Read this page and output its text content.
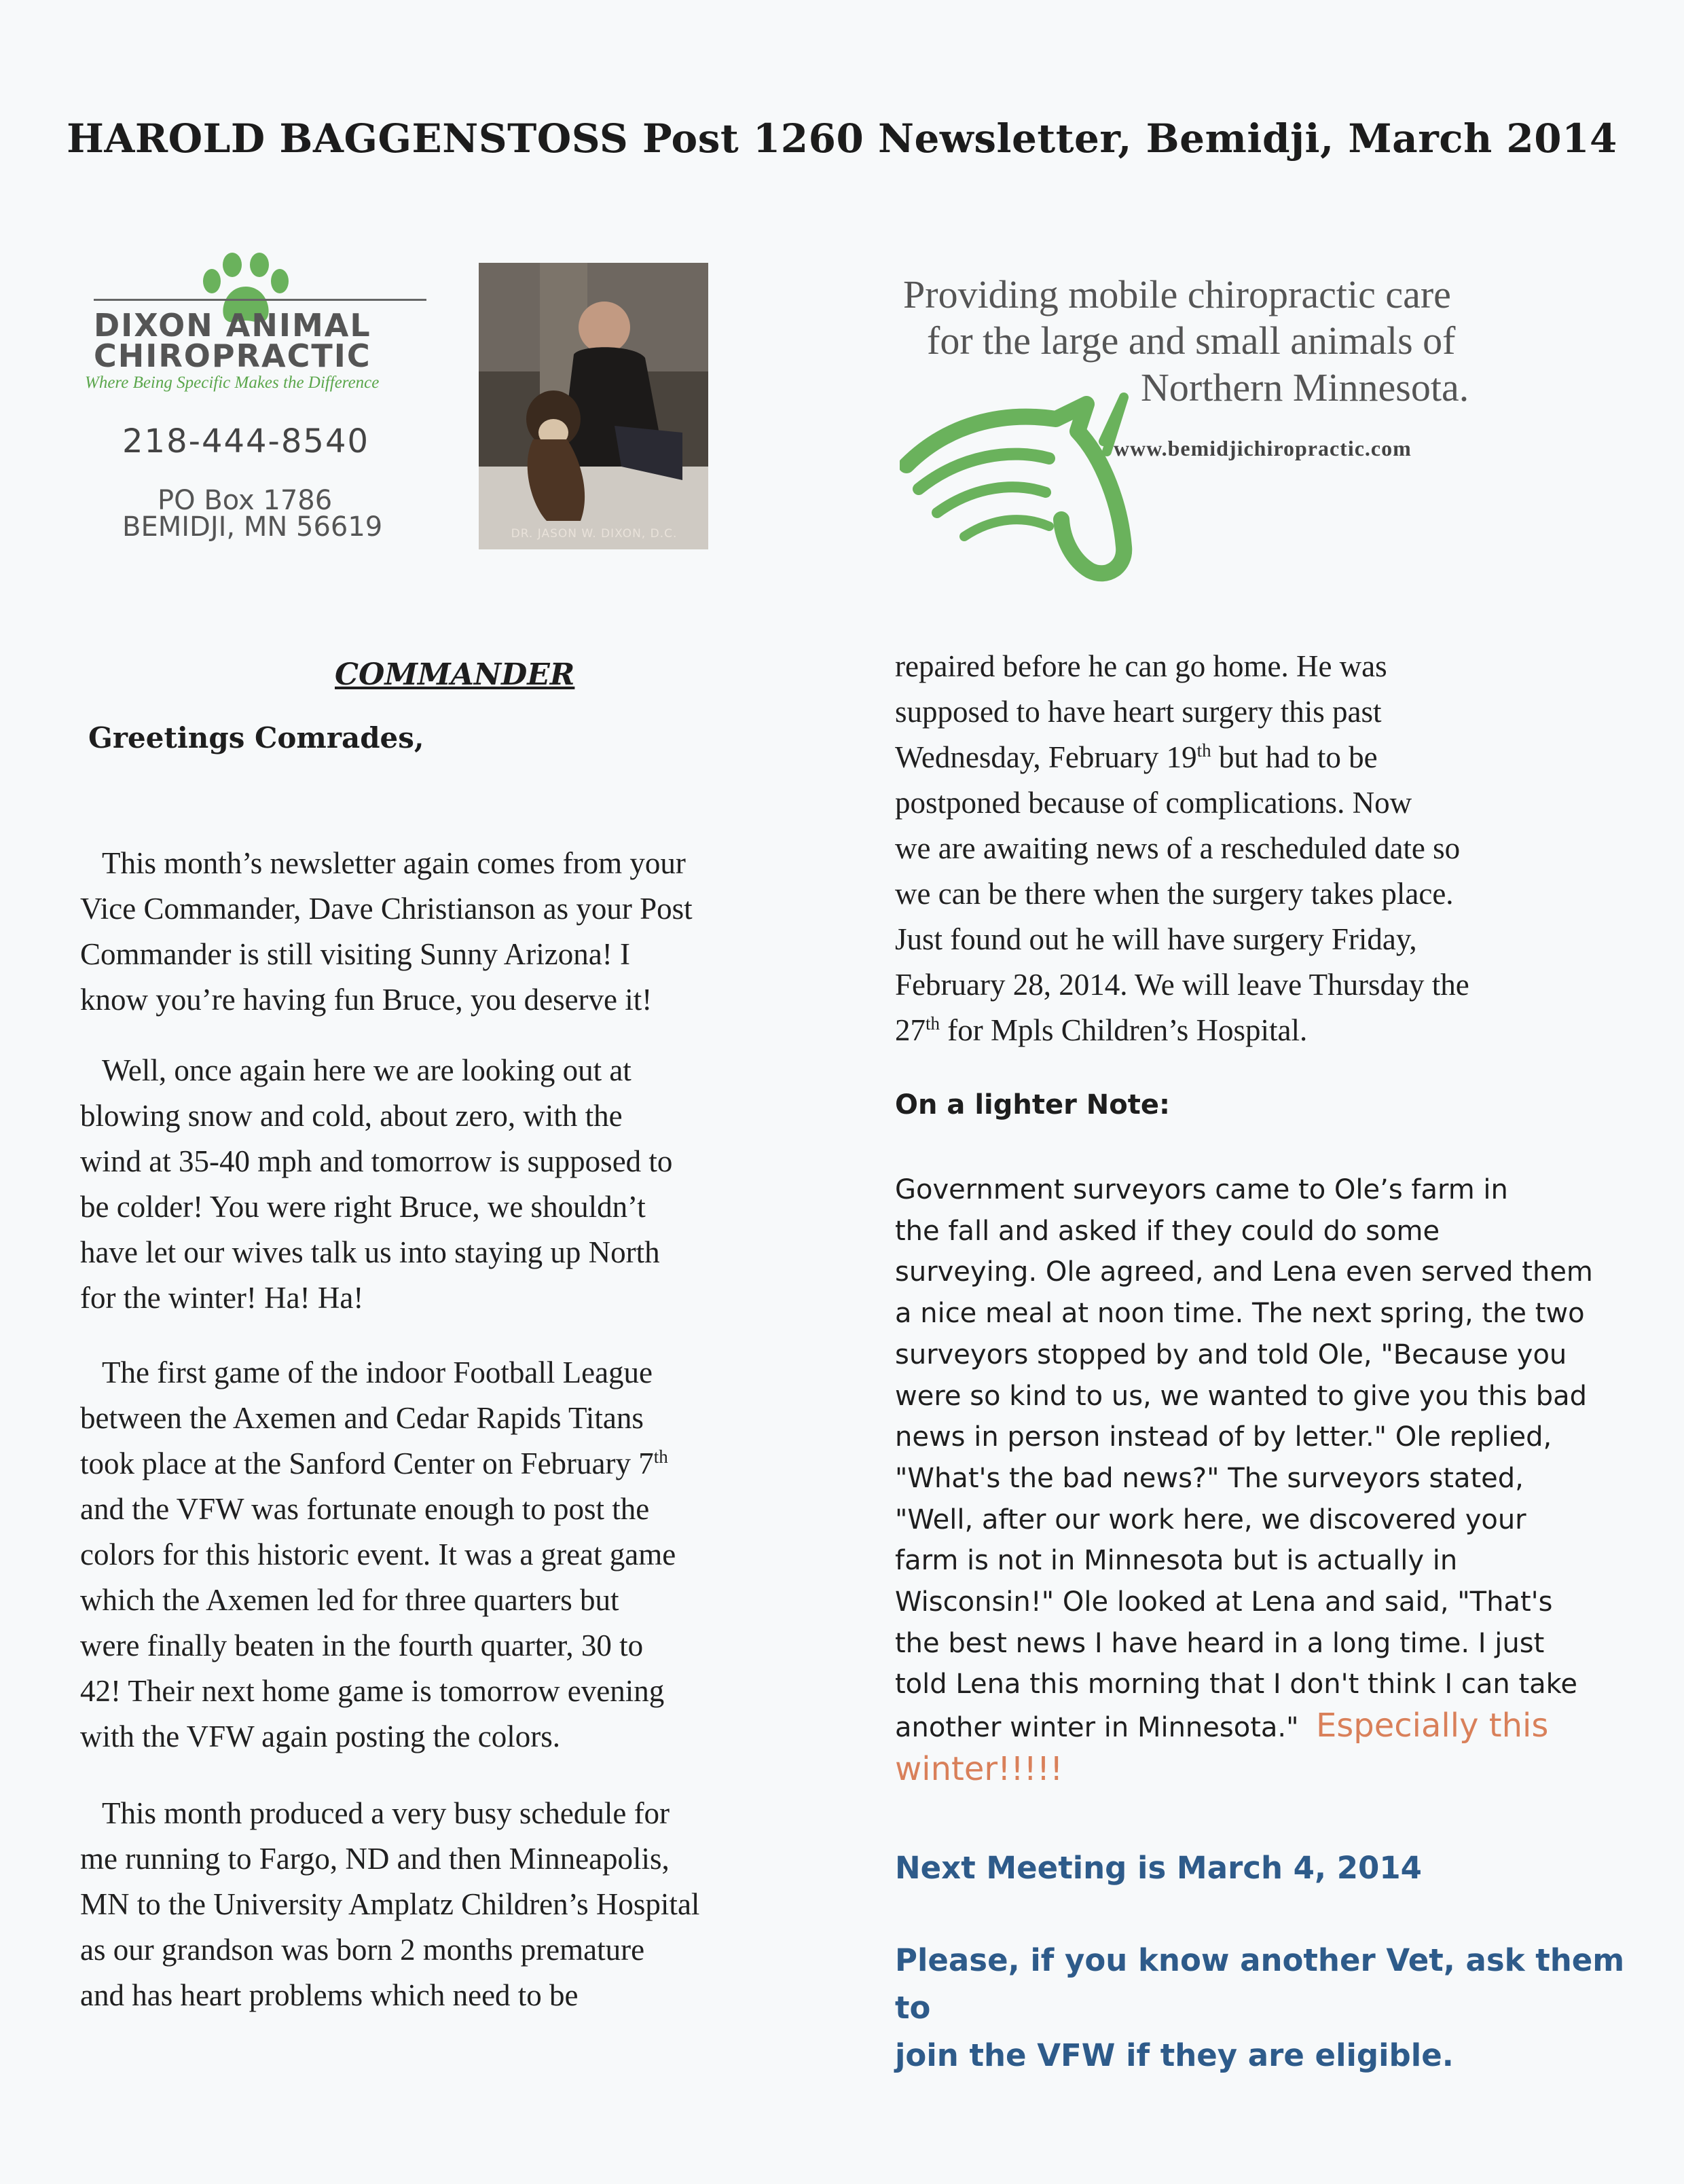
HAROLD BAGGENSTOSS Post 1260 Newsletter, Bemidji, March 2014
DIXON ANIMAL
CHIROPRACTIC
Where Being Specific Makes the Difference
218-444-8540
PO Box 1786
BEMIDJI, MN 56619	DR. JASON W. DIXON, D.C.
Providing mobile chiropractic care
for the large and small animals of
Northern Minnesota.
www.bemidjichiropractic.com
COMMANDER
Greetings Comrades,
This month’s newsletter again comes from your
Vice Commander, Dave Christianson as your Post
Commander is still visiting Sunny Arizona! I
know you’re having fun Bruce, you deserve it!
Well, once again here we are looking out at
blowing snow and cold, about zero, with the
wind at 35-40 mph and tomorrow is supposed to
be colder! You were right Bruce, we shouldn’t
have let our wives talk us into staying up North
for the winter! Ha! Ha!
The first game of the indoor Football League
between the Axemen and Cedar Rapids Titans
took place at the Sanford Center on February 7th
and the VFW was fortunate enough to post the
colors for this historic event. It was a great game
which the Axemen led for three quarters but
were finally beaten in the fourth quarter, 30 to
42! Their next home game is tomorrow evening
with the VFW again posting the colors.
This month produced a very busy schedule for
me running to Fargo, ND and then Minneapolis,
MN to the University Amplatz Children’s Hospital
as our grandson was born 2 months premature
and has heart problems which need to be
repaired before he can go home. He was
supposed to have heart surgery this past
Wednesday, February 19th but had to be
postponed because of complications. Now
we are awaiting news of a rescheduled date so
we can be there when the surgery takes place.
Just found out he will have surgery Friday,
February 28, 2014. We will leave Thursday the
27th for Mpls Children’s Hospital.
On a lighter Note:
Government surveyors came to Ole’s farm in
the fall and asked if they could do some
surveying. Ole agreed, and Lena even served them
a nice meal at noon time. The next spring, the two
surveyors stopped by and told Ole, "Because you
were so kind to us, we wanted to give you this bad
news in person instead of by letter." Ole replied,
"What's the bad news?" The surveyors stated,
"Well, after our work here, we discovered your
farm is not in Minnesota but is actually in
Wisconsin!" Ole looked at Lena and said, "That's
the best news I have heard in a long time. I just
told Lena this morning that I don't think I can take
another winter in Minnesota." Especially this
winter!!!!!
Next Meeting is March 4, 2014
Please, if you know another Vet, ask them to
join the VFW if they are eligible.
